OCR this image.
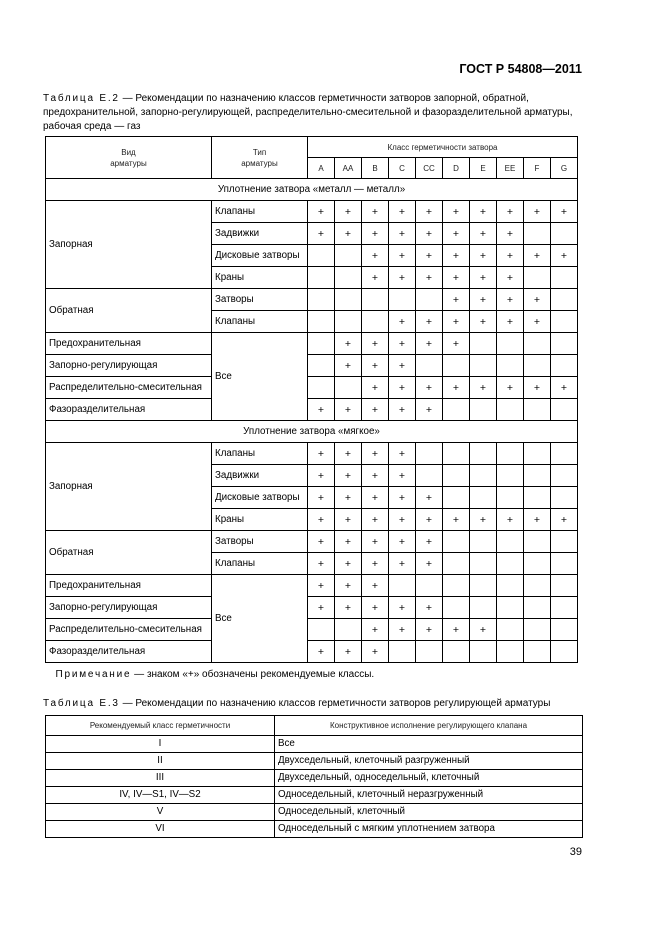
ГОСТ Р 54808—2011
Таблица Е.2 — Рекомендации по назначению классов герметичности затворов запорной, обратной, предохранительной, запорно-регулирующей, распределительно-смесительной и фазоразделительной арматуры, рабочая среда — газ
Вид
арматуры	Тип
арматуры	Класс герметичности затвора									
		A	AA	B	C	CC	D	E	EE	F	G
Уплотнение затвора «металл — металл»											
Запорная	Клапаны	+	+	+	+	+	+	+	+	+	+
	Задвижки	+	+	+	+	+	+	+	+		
	Дисковые затворы			+	+	+	+	+	+	+	+
	Краны			+	+	+	+	+	+		
Обратная	Затворы						+	+	+	+	
	Клапаны				+	+	+	+	+	+	
Предохранительная	Все		+	+	+	+	+				
Запорно-регулирующая			+	+	+						
Распределительно-смесительная				+	+	+	+	+	+	+	+
Фазоразделительная		+	+	+	+	+					
Уплотнение затвора «мягкое»											
Запорная	Клапаны	+	+	+	+						
	Задвижки	+	+	+	+						
	Дисковые затворы	+	+	+	+	+					
	Краны	+	+	+	+	+	+	+	+	+	+
Обратная	Затворы	+	+	+	+	+					
	Клапаны	+	+	+	+	+					
Предохранительная	Все	+	+	+							
Запорно-регулирующая		+	+	+	+	+					
Распределительно-смесительная				+	+	+	+	+			
Фазоразделительная		+	+	+							
Примечание — знаком «+» обозначены рекомендуемые классы.											
Таблица Е.3 — Рекомендации по назначению классов герметичности затворов регулирующей арматуры
Рекомендуемый класс герметичности	Конструктивное исполнение регулирующего клапана
I	Все
II	Двухседельный, клеточный разгруженный
III	Двухседельный, односедельный, клеточный
IV, IV—S1, IV—S2	Односедельный, клеточный неразгруженный
V	Односедельный, клеточный
VI	Односедельный с мягким уплотнением затвора
39
